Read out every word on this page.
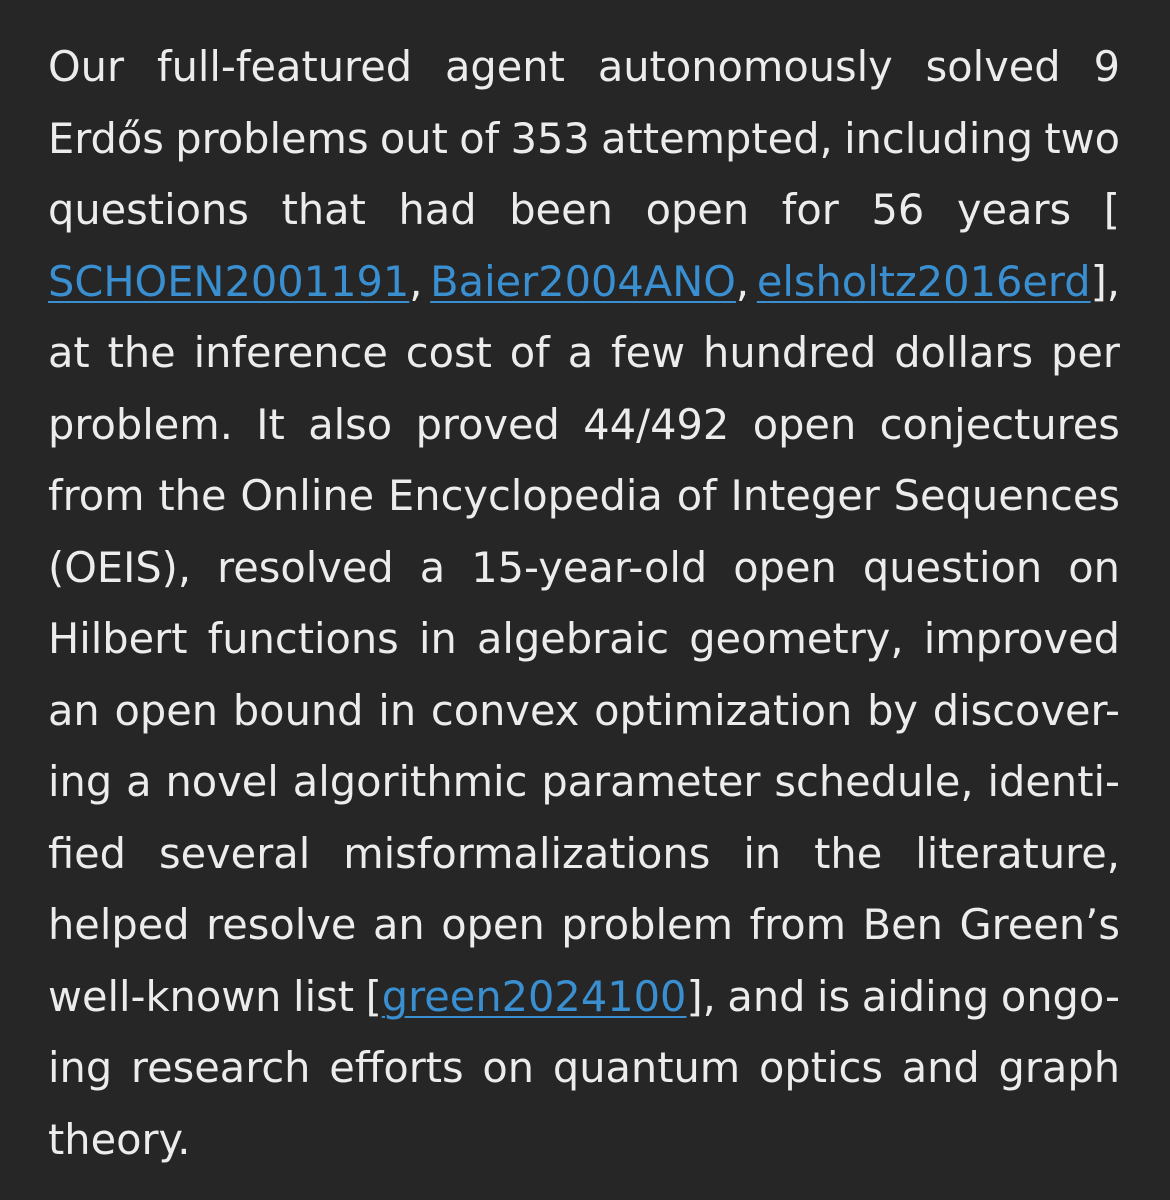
Our full-featured agent autonomously solved 9
Erdős problems out of 353 attempted, including two
questions that had been open for 56 years [
SCHOEN2001191, Baier2004ANO, elsholtz2016erd],
at the inference cost of a few hundred dollars per
problem. It also proved 44/492 open conjectures
from the Online Encyclopedia of Integer Sequences
(OEIS), resolved a 15-year-old open question on
Hilbert functions in algebraic geometry, improved
an open bound in convex optimization by discover-
ing a novel algorithmic parameter schedule, identi-
fied several misformalizations in the literature,
helped resolve an open problem from Ben Green’s
well-known list [green2024100], and is aiding ongo-
ing research efforts on quantum optics and graph
theory.
